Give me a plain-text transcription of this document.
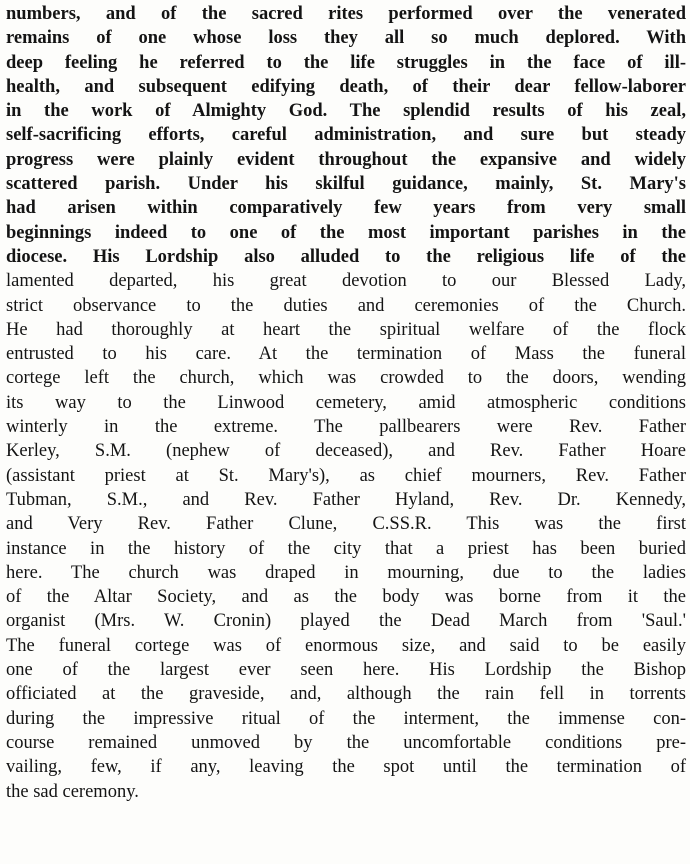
numbers, and of the sacred rites performed over the venerated
remains of one whose loss they all so much deplored. With
deep feeling he referred to the life struggles in the face of ill-
health, and subsequent edifying death, of their dear fellow-laborer
in the work of Almighty God. The splendid results of his zeal,
self-sacrificing efforts, careful administration, and sure but steady
progress were plainly evident throughout the expansive and widely
scattered parish. Under his skilful guidance, mainly, St. Mary's
had arisen within comparatively few years from very small
beginnings indeed to one of the most important parishes in the
diocese. His Lordship also alluded to the religious life of the
lamented departed, his great devotion to our Blessed Lady,
strict observance to the duties and ceremonies of the Church.
He had thoroughly at heart the spiritual welfare of the flock
entrusted to his care. At the termination of Mass the funeral
cortege left the church, which was crowded to the doors, wending
its way to the Linwood cemetery, amid atmospheric conditions
winterly in the extreme. The pallbearers were Rev. Father
Kerley, S.M. (nephew of deceased), and Rev. Father Hoare
(assistant priest at St. Mary's), as chief mourners, Rev. Father
Tubman, S.M., and Rev. Father Hyland, Rev. Dr. Kennedy,
and Very Rev. Father Clune, C.SS.R. This was the first
instance in the history of the city that a priest has been buried
here. The church was draped in mourning, due to the ladies
of the Altar Society, and as the body was borne from it the
organist (Mrs. W. Cronin) played the Dead March from 'Saul.'
The funeral cortege was of enormous size, and said to be easily
one of the largest ever seen here. His Lordship the Bishop
officiated at the graveside, and, although the rain fell in torrents
during the impressive ritual of the interment, the immense con-
course remained unmoved by the uncomfortable conditions pre-
vailing, few, if any, leaving the spot until the termination of
the sad ceremony.
